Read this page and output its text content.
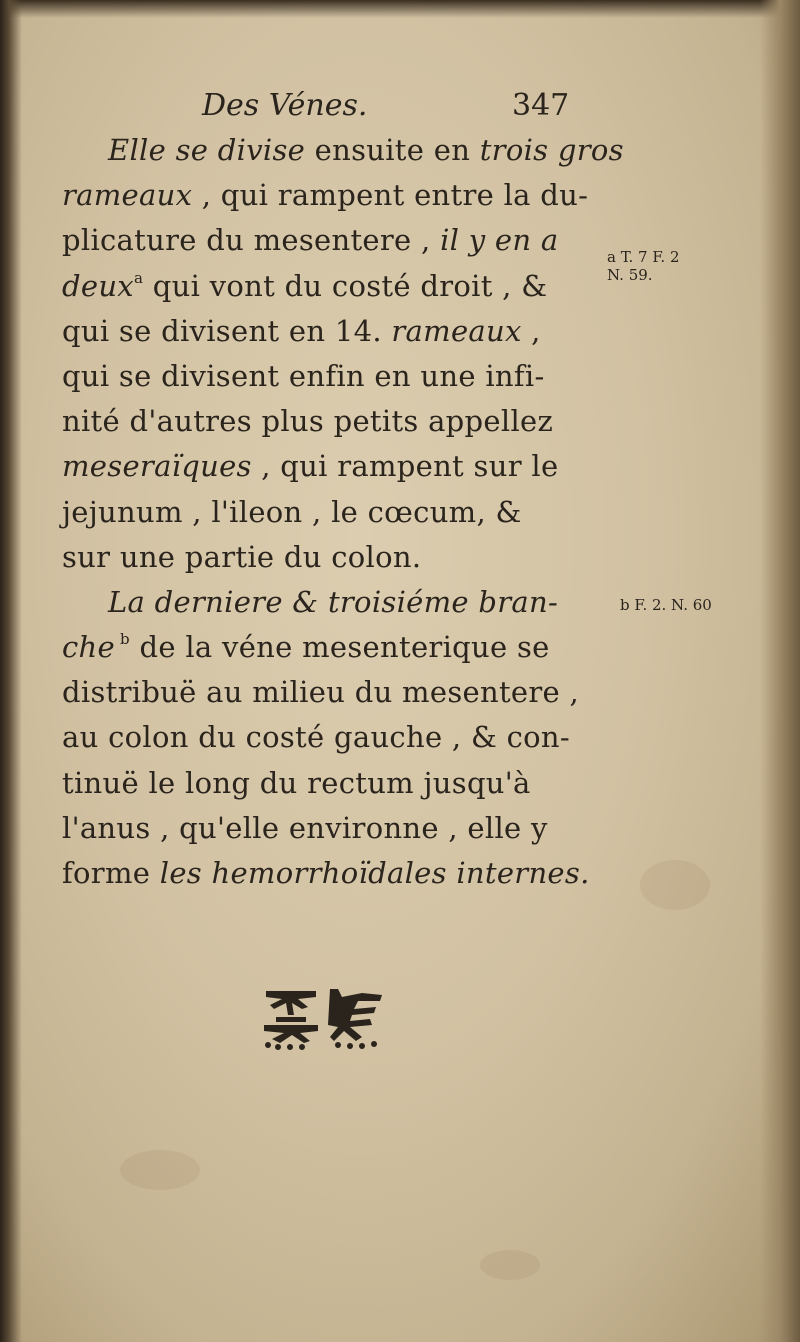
Des Vénes.	347
Elle se divise ensuite en trois gros
rameaux , qui rampent entre la du-
plicature du mesentere , il y en a
deux$^a$ qui vont du costé droit , &
qui se divisent en 14. rameaux ,
qui se divisent enfin en une infi-
nité d'autres plus petits appellez
meseraïques , qui rampent sur le
jejunum , l'ileon , le cœcum, &
sur une partie du colon.
La derniere & troisiéme bran-
che $^b$ de la véne mesenterique se
distribuë au milieu du mesentere ,
au colon du costé gauche , & con-
tinuë le long du rectum jusqu'à
l'anus , qu'elle environne , elle y
forme les hemorrhoïdales internes.
a T. 7 F. 2
N. 59.
b F. 2. N. 60
